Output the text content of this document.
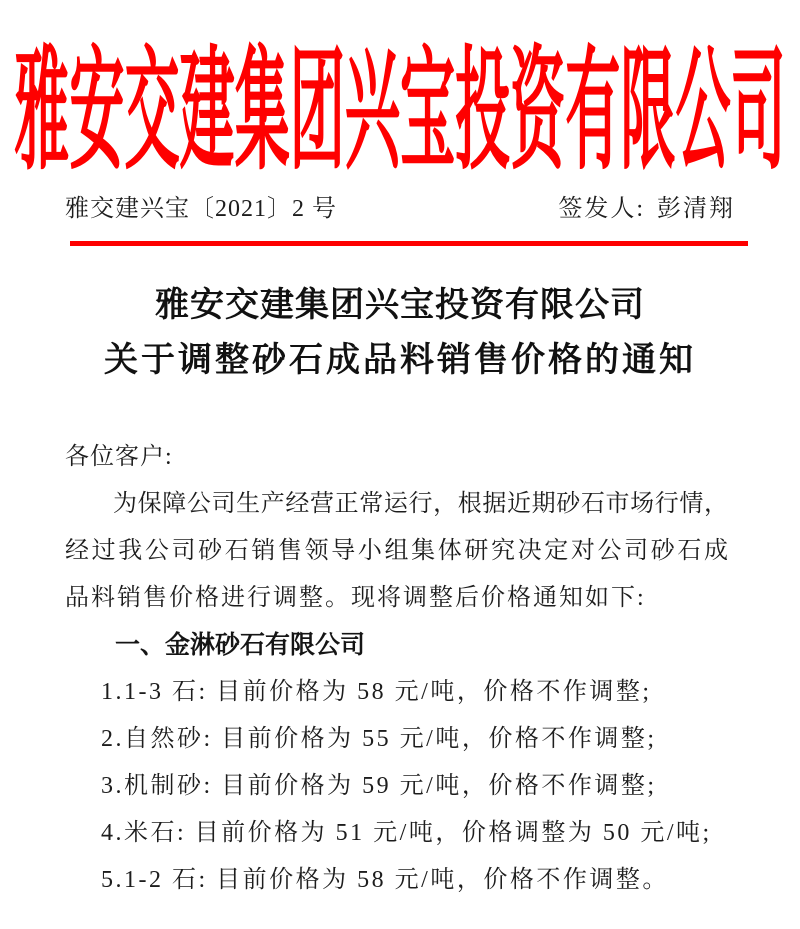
雅安交建集团兴宝投资有限公司
雅交建兴宝〔2021〕2 号	签发人: 彭清翔
雅安交建集团兴宝投资有限公司
关于调整砂石成品料销售价格的通知

各位客户:

为保障公司生产经营正常运行，根据近期砂石市场行情，

经过我公司砂石销售领导小组集体研究决定对公司砂石成

品料销售价格进行调整。现将调整后价格通知如下:

一、金淋砂石有限公司

1.1-3 石: 目前价格为 58 元/吨，价格不作调整;

2.自然砂: 目前价格为 55 元/吨，价格不作调整;

3.机制砂: 目前价格为 59 元/吨，价格不作调整;

4.米石: 目前价格为 51 元/吨，价格调整为 50 元/吨;

5.1-2 石: 目前价格为 58 元/吨，价格不作调整。
